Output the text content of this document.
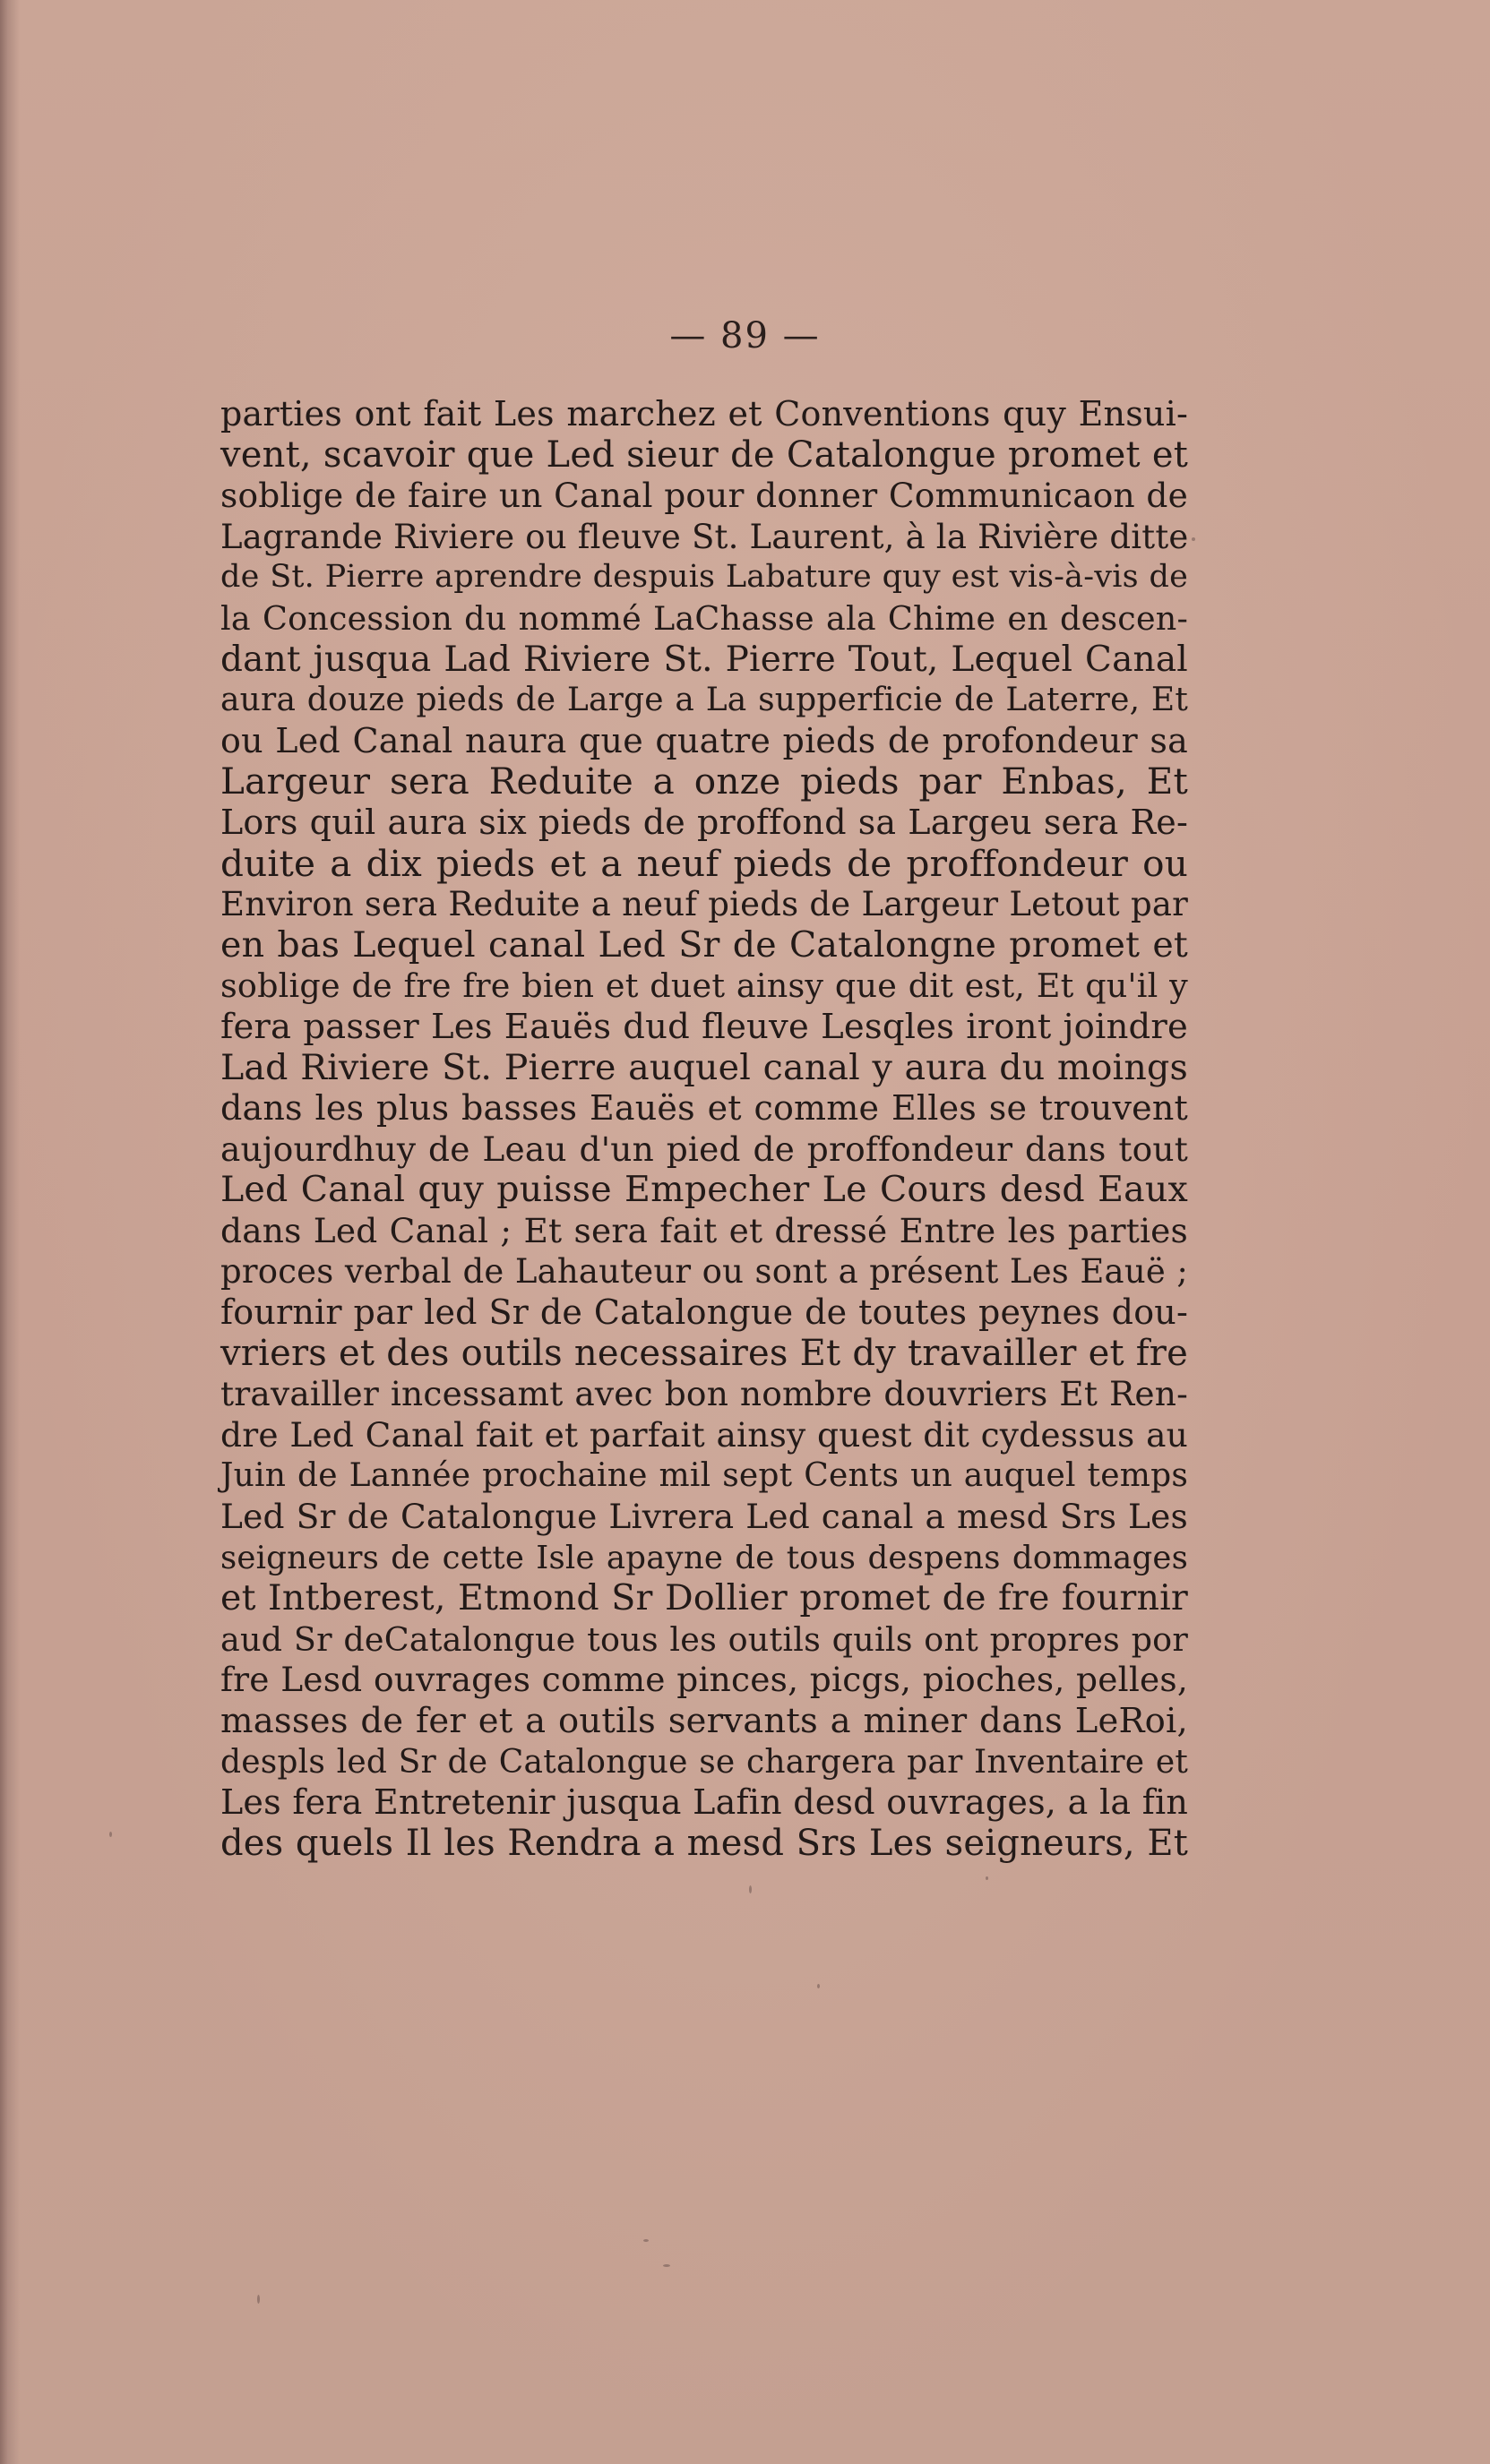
— 89 —
parties ont fait Les marchez et Conventions quy Ensui-
vent, scavoir que Led sieur de Catalongue promet et
soblige de faire un Canal pour donner Communicaon de
Lagrande Riviere ou fleuve St. Laurent, à la Rivière ditte
de St. Pierre aprendre despuis Labature quy est vis-à-vis de
la Concession du nommé LaChasse ala Chime en descen-
dant jusqua Lad Riviere St. Pierre Tout, Lequel Canal
aura douze pieds de Large a La supperficie de Laterre, Et
ou Led Canal naura que quatre pieds de profondeur sa
Largeur sera Reduite a onze pieds par Enbas, Et
Lors quil aura six pieds de proffond sa Largeu sera Re-
duite a dix pieds et a neuf pieds de proffondeur ou
Environ sera Reduite a neuf pieds de Largeur Letout par
en bas Lequel canal Led Sr de Catalongne promet et
soblige de fre fre bien et duet ainsy que dit est, Et qu'il y
fera passer Les Eauës dud fleuve Lesqles iront joindre
Lad Riviere St. Pierre auquel canal y aura du moings
dans les plus basses Eauës et comme Elles se trouvent
aujourdhuy de Leau d'un pied de proffondeur dans tout
Led Canal quy puisse Empecher Le Cours desd Eaux
dans Led Canal ; Et sera fait et dressé Entre les parties
proces verbal de Lahauteur ou sont a présent Les Eauë ;
fournir par led Sr de Catalongue de toutes peynes dou-
vriers et des outils necessaires Et dy travailler et fre
travailler incessamt avec bon nombre douvriers Et Ren-
dre Led Canal fait et parfait ainsy quest dit cydessus au
Juin de Lannée prochaine mil sept Cents un auquel temps
Led Sr de Catalongue Livrera Led canal a mesd Srs Les
seigneurs de cette Isle apayne de tous despens dommages
et Intberest, Etmond Sr Dollier promet de fre fournir
aud Sr deCatalongue tous les outils quils ont propres por
fre Lesd ouvrages comme pinces, picgs, pioches, pelles,
masses de fer et a outils servants a miner dans LeRoi,
despls led Sr de Catalongue se chargera par Inventaire et
Les fera Entretenir jusqua Lafin desd ouvrages, a la fin
des quels Il les Rendra a mesd Srs Les seigneurs, Et
